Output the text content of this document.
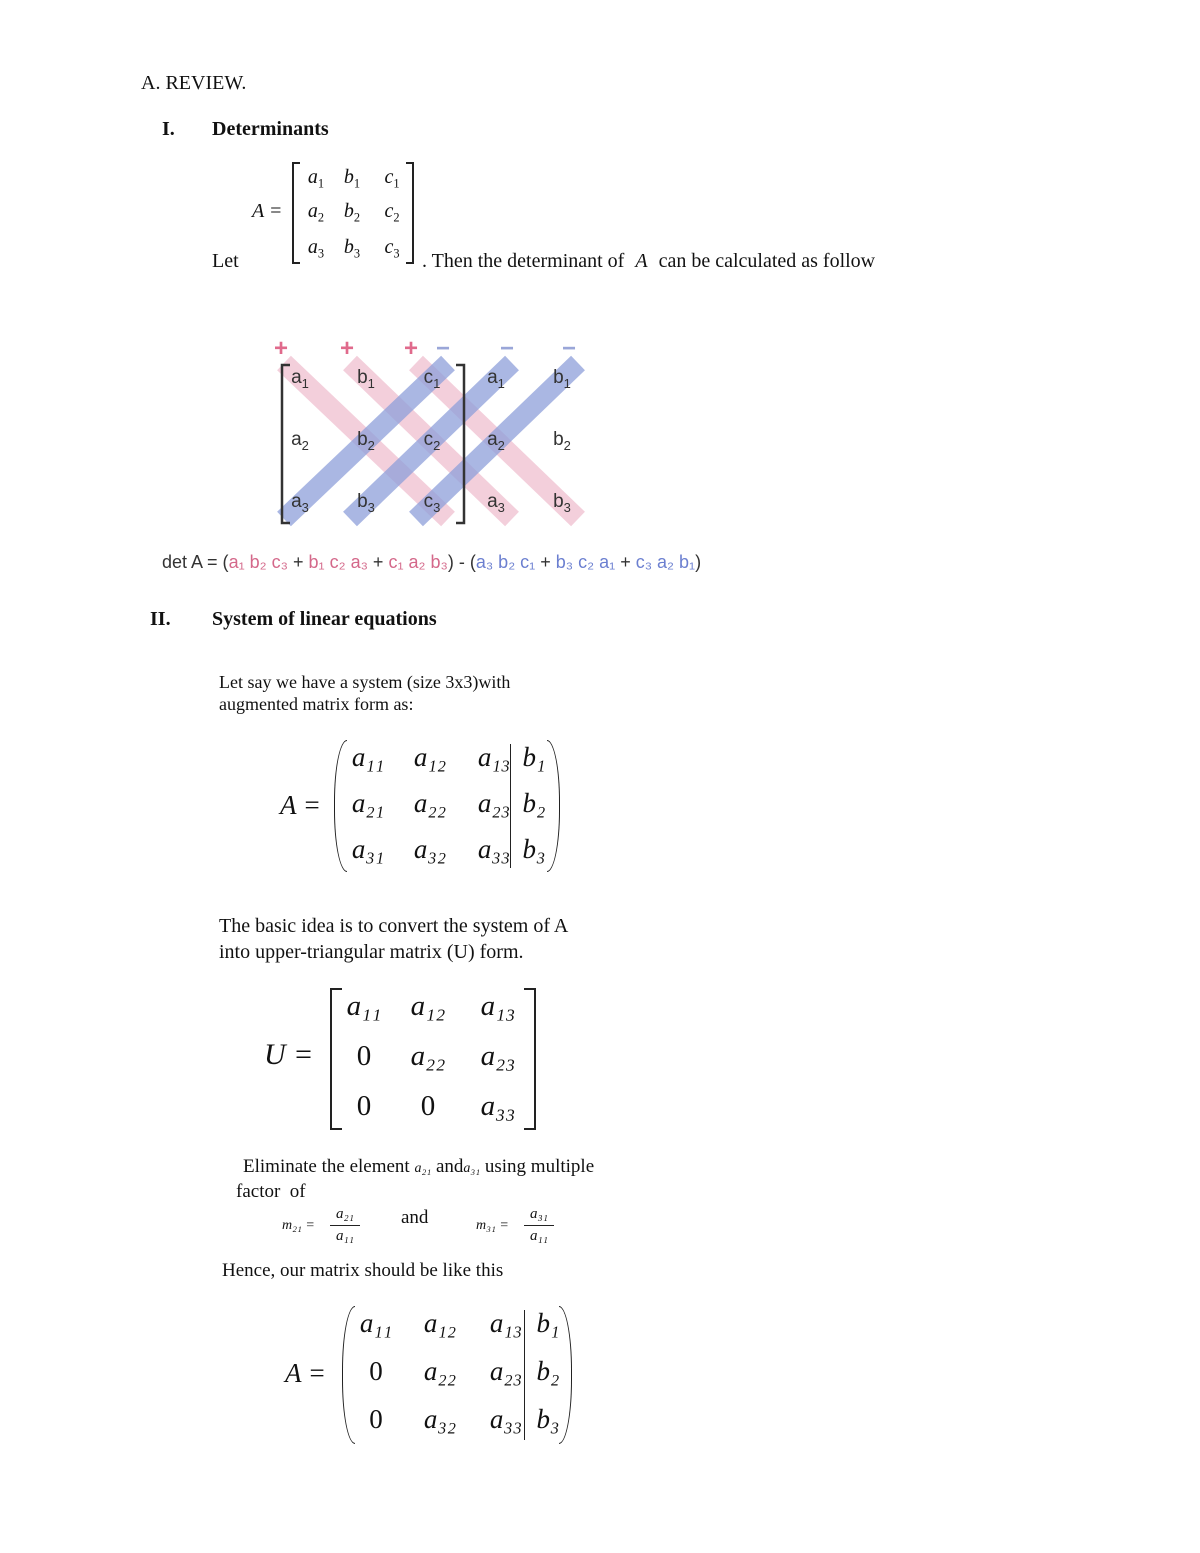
A. REVIEW.
I. Determinants
Let
A =
$a_1$ $b_1$	$c_1$
$a_2$ $b_2$	$c_2$
$a_3$ $b_3$	$c_3$	. Then the determinant of A can be calculated as follow
+ + + − − −
$a_1$	$b_1$	$c_1$	$a_1$	$b_1$
$a_2$	$b_2$	$c_2$	$a_2$	$b_2$
$a_3$	$b_3$	$c_3$	$a_3$	$b_3$
det A = (a₁ b₂ c₃ + b₁ c₂ a₃ + c₁ a₂ b₃) - (a₃ b₂ c₁ + b₃ c₂ a₁ + c₃ a₂ b₁)
II. System of linear equations
Let say we have a system (size 3x3)with
augmented matrix form as:
A =
a₁₁ a₁₂ a₁₃ b₁
a₂₁ a₂₂ a₂₃ b₂
a₃₁ a₃₂ a₃₃ b₃
The basic idea is to convert the system of A
into upper-triangular matrix (U) form.
U =
a₁₁ a₁₂ a₁₃
0	a₂₂ a₂₃
0	0	a₃₃
Eliminate the element a₂₁ anda₃₁ using multiple
factor  of
m₂₁ =
a₂₁
a₁₁
and	m₃₁ =
a₃₁
a₁₁
Hence, our matrix should be like this
A =
a₁₁ a₁₂ a₁₃ b₁
0	a₂₂ a₂₃ b₂
0	a₃₂ a₃₃ b₃
